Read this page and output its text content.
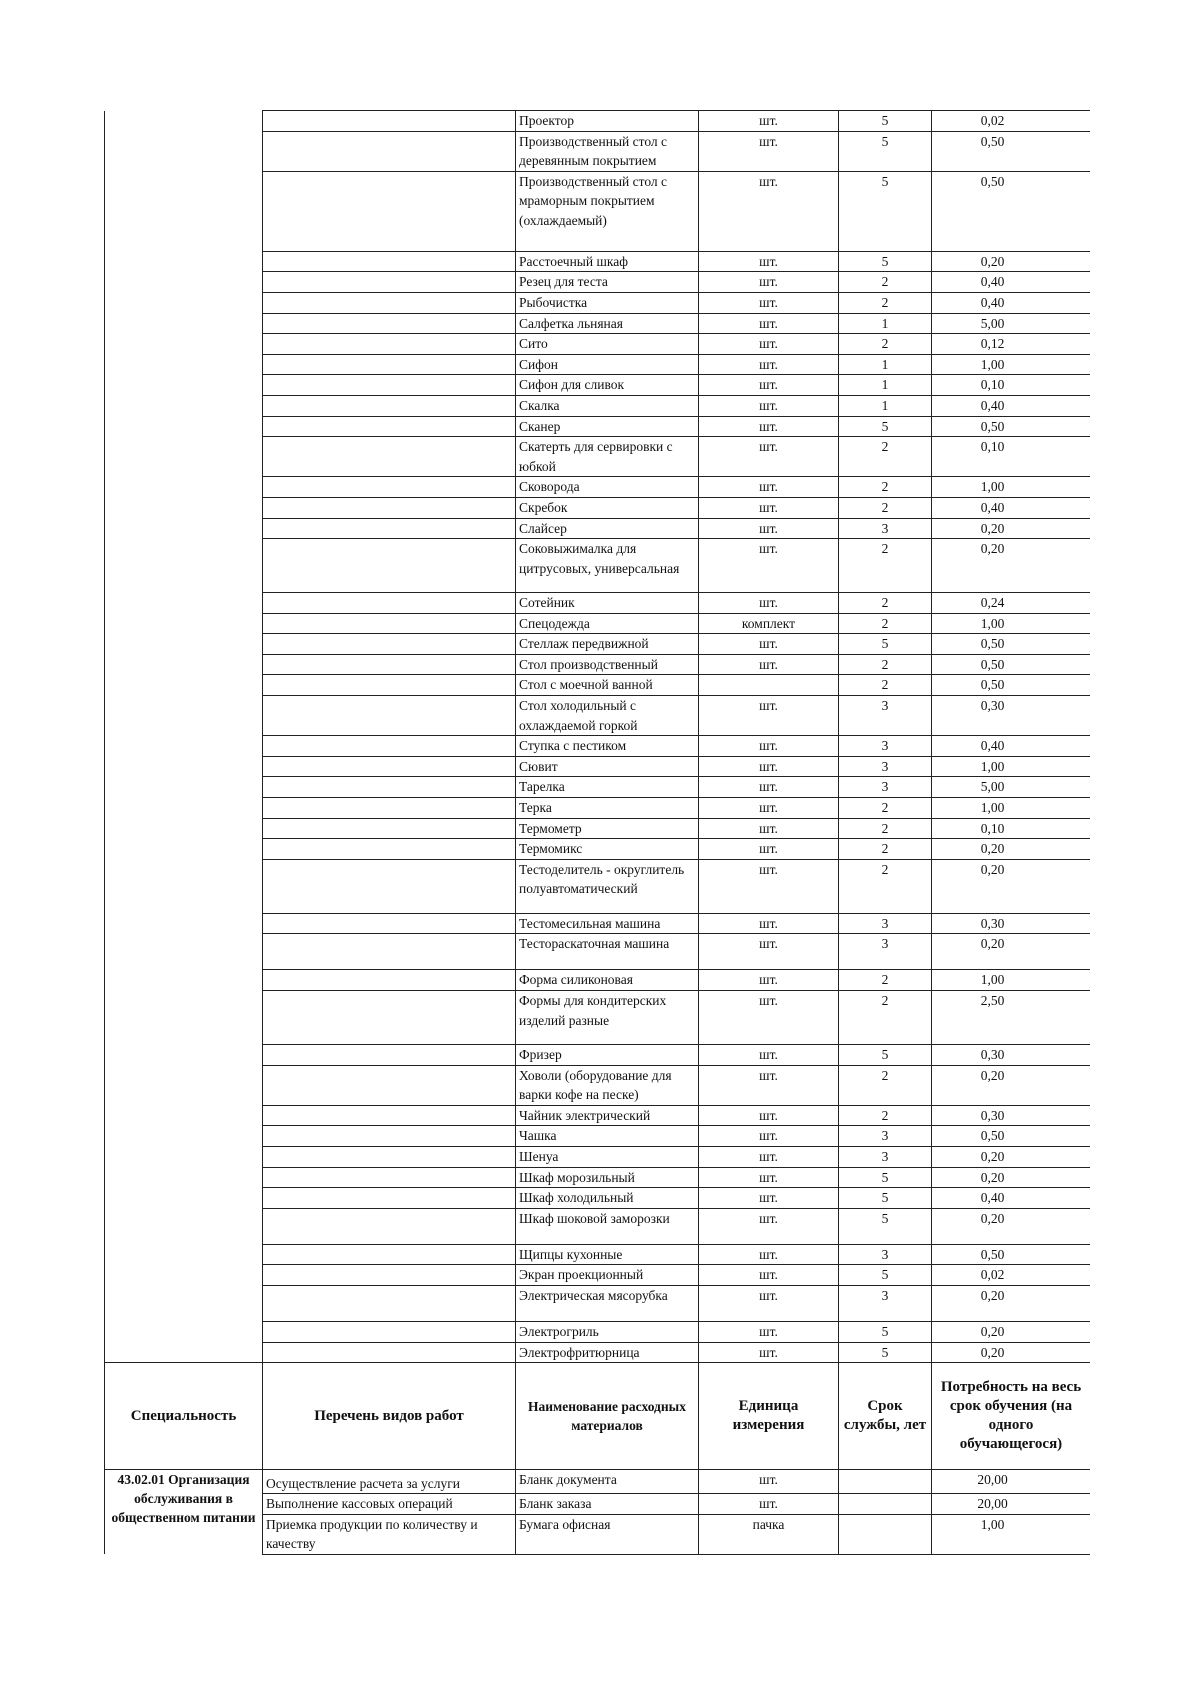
		Проектор	шт.	5	0,02
		Производственный стол с деревянным покрытием	шт.	5	0,50
		Производственный стол с мраморным покрытием (охлаждаемый)	шт.	5	0,50
		Расстоечный шкаф	шт.	5	0,20
		Резец для теста	шт.	2	0,40
		Рыбочистка	шт.	2	0,40
		Салфетка льняная	шт.	1	5,00
		Сито	шт.	2	0,12
		Сифон	шт.	1	1,00
		Сифон для сливок	шт.	1	0,10
		Скалка	шт.	1	0,40
		Сканер	шт.	5	0,50
		Скатерть для сервировки с юбкой	шт.	2	0,10
		Сковорода	шт.	2	1,00
		Скребок	шт.	2	0,40
		Слайсер	шт.	3	0,20
		Соковыжималка для цитрусовых, универсальная	шт.	2	0,20
		Сотейник	шт.	2	0,24
		Спецодежда	комплект	2	1,00
		Стеллаж передвижной	шт.	5	0,50
		Стол производственный	шт.	2	0,50
		Стол с моечной ванной		2	0,50
		Стол холодильный с охлаждаемой горкой	шт.	3	0,30
		Ступка с пестиком	шт.	3	0,40
		Сювит	шт.	3	1,00
		Тарелка	шт.	3	5,00
		Терка	шт.	2	1,00
		Термометр	шт.	2	0,10
		Термомикс	шт.	2	0,20
		Тестоделитель - округлитель полуавтоматический	шт.	2	0,20
		Тестомесильная машина	шт.	3	0,30
		Тестораскаточная машина	шт.	3	0,20
		Форма силиконовая	шт.	2	1,00
		Формы для кондитерских изделий разные	шт.	2	2,50
		Фризер	шт.	5	0,30
		Ховоли (оборудование для варки кофе на песке)	шт.	2	0,20
		Чайник электрический	шт.	2	0,30
		Чашка	шт.	3	0,50
		Шенуа	шт.	3	0,20
		Шкаф морозильный	шт.	5	0,20
		Шкаф холодильный	шт.	5	0,40
		Шкаф шоковой заморозки	шт.	5	0,20
		Щипцы кухонные	шт.	3	0,50
		Экран проекционный	шт.	5	0,02
		Электрическая мясорубка	шт.	3	0,20
		Электрогриль	шт.	5	0,20
		Электрофритюрница	шт.	5	0,20
Специальность	Перечень видов работ	Наименование расходных материалов	Единица измерения	Срок службы, лет	Потребность на весь срок обучения (на одного обучающегося)

43.02.01 Организация обслуживания в общественном питании	Осуществление расчета за услуги	Бланк документа	шт.		20,00
	Выполнение кассовых операций	Бланк заказа	шт.		20,00
	Приемка продукции по количеству и качеству	Бумага офисная	пачка		1,00
